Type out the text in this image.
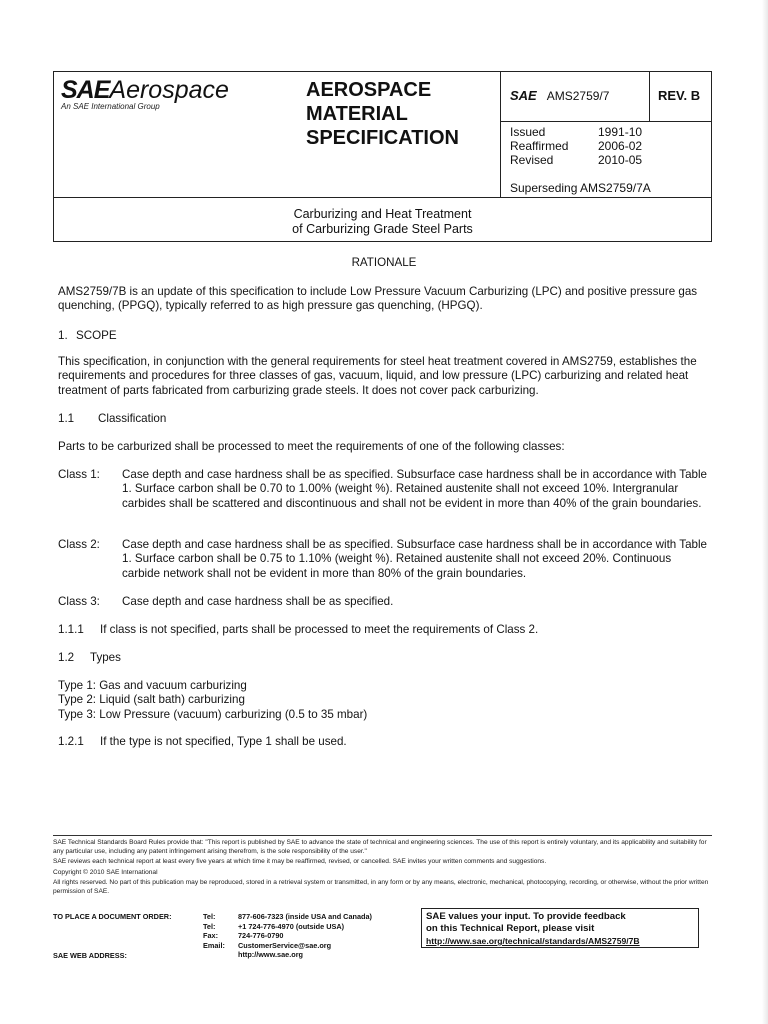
SAEAerospace
An SAE International Group
AEROSPACE
MATERIAL
SPECIFICATION
SAE AMS2759/7	REV. B
Issued	1991-10
Reaffirmed	2006-02
Revised	2010-05
Superseding AMS2759/7A
Carburizing and Heat Treatment
of Carburizing Grade Steel Parts
RATIONALE
AMS2759/7B is an update of this specification to include Low Pressure Vacuum Carburizing (LPC) and positive pressure gas quenching, (PPGQ), typically referred to as high pressure gas quenching, (HPGQ).
1. SCOPE
This specification, in conjunction with the general requirements for steel heat treatment covered in AMS2759, establishes the requirements and procedures for three classes of gas, vacuum, liquid, and low pressure (LPC) carburizing and related heat treatment of parts fabricated from carburizing grade steels. It does not cover pack carburizing.
1.1 Classification
Parts to be carburized shall be processed to meet the requirements of one of the following classes:
Class 1:	Case depth and case hardness shall be as specified. Subsurface case hardness shall be in accordance with Table 1. Surface carbon shall be 0.70 to 1.00% (weight %). Retained austenite shall not exceed 10%. Intergranular carbides shall be scattered and discontinuous and shall not be evident in more than 40% of the grain boundaries.
Class 2:	Case depth and case hardness shall be as specified. Subsurface case hardness shall be in accordance with Table 1. Surface carbon shall be 0.75 to 1.10% (weight %). Retained austenite shall not exceed 20%. Continuous carbide network shall not be evident in more than 80% of the grain boundaries.
Class 3:	Case depth and case hardness shall be as specified.
1.1.1 If class is not specified, parts shall be processed to meet the requirements of Class 2.
1.2 Types
Type 1: Gas and vacuum carburizing
Type 2: Liquid (salt bath) carburizing
Type 3: Low Pressure (vacuum) carburizing (0.5 to 35 mbar)
1.2.1 If the type is not specified, Type 1 shall be used.

SAE Technical Standards Board Rules provide that: "This report is published by SAE to advance the state of technical and engineering sciences. The use of this report is entirely voluntary, and its applicability and suitability for any particular use, including any patent infringement arising therefrom, is the sole responsibility of the user."

SAE reviews each technical report at least every five years at which time it may be reaffirmed, revised, or cancelled. SAE invites your written comments and suggestions.

Copyright © 2010 SAE International

All rights reserved. No part of this publication may be reproduced, stored in a retrieval system or transmitted, in any form or by any means, electronic, mechanical, photocopying, recording, or otherwise, without the prior written permission of SAE.

TO PLACE A DOCUMENT ORDER:
SAE WEB ADDRESS:
Tel:	877-606-7323 (inside USA and Canada)
Tel:	+1 724-776-4970 (outside USA)
Fax:	724-776-0790
Email:	CustomerService@sae.org
http://www.sae.org
SAE values your input. To provide feedback
on this Technical Report, please visit
http://www.sae.org/technical/standards/AMS2759/7B
